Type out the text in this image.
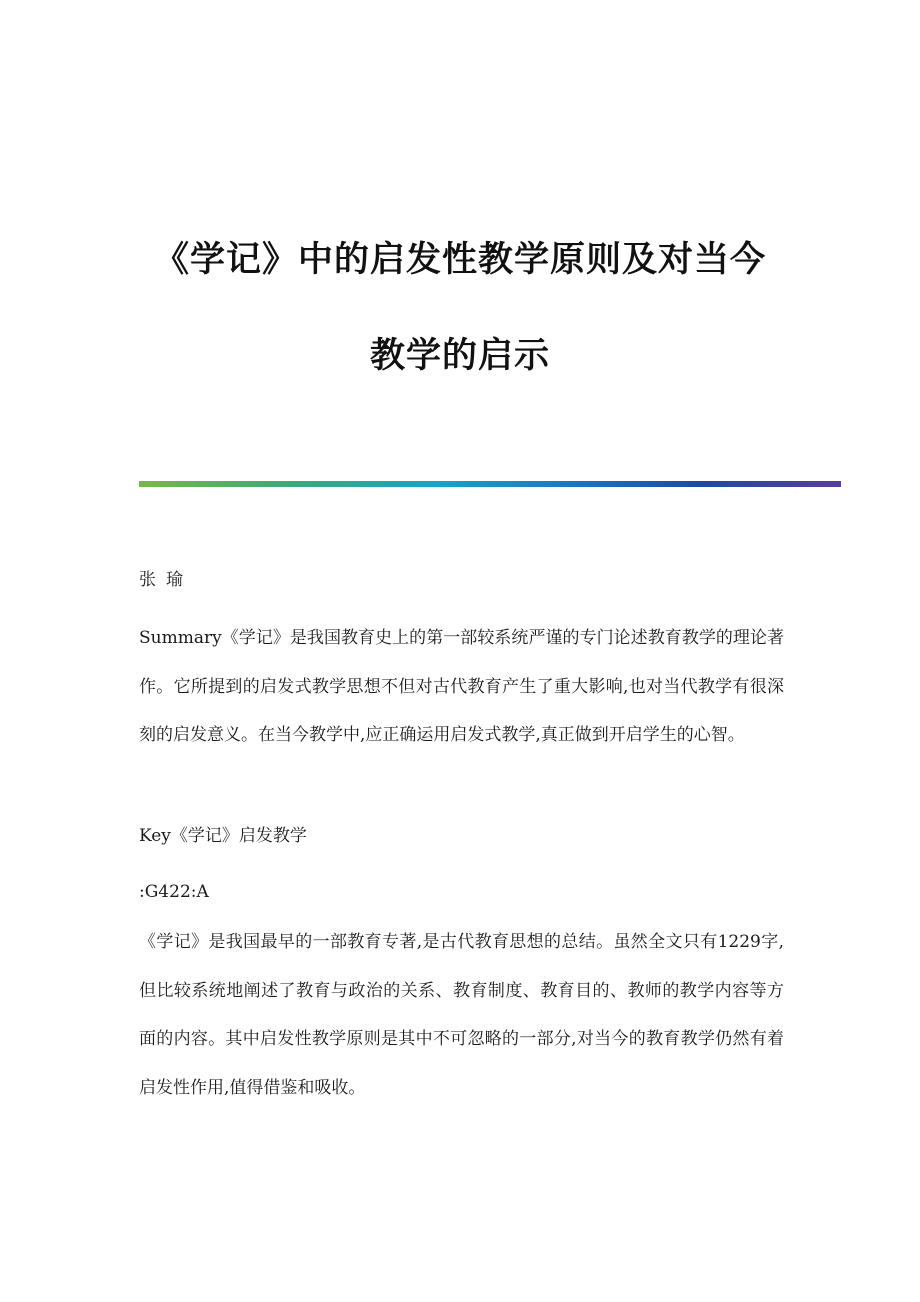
《学记》中的启发性教学原则及对当今
教学的启示
张瑜
Summary《学记》是我国教育史上的第一部较系统严谨的专门论述教育教学的理论著作。它所提到的启发式教学思想不但对古代教育产生了重大影响,也对当代教学有很深刻的启发意义。在当今教学中,应正确运用启发式教学,真正做到开启学生的心智。
Key《学记》启发教学
:G422:A
《学记》是我国最早的一部教育专著,是古代教育思想的总结。虽然全文只有1229字,但比较系统地阐述了教育与政治的关系、教育制度、教育目的、教师的教学内容等方面的内容。其中启发性教学原则是其中不可忽略的一部分,对当今的教育教学仍然有着启发性作用,值得借鉴和吸收。
